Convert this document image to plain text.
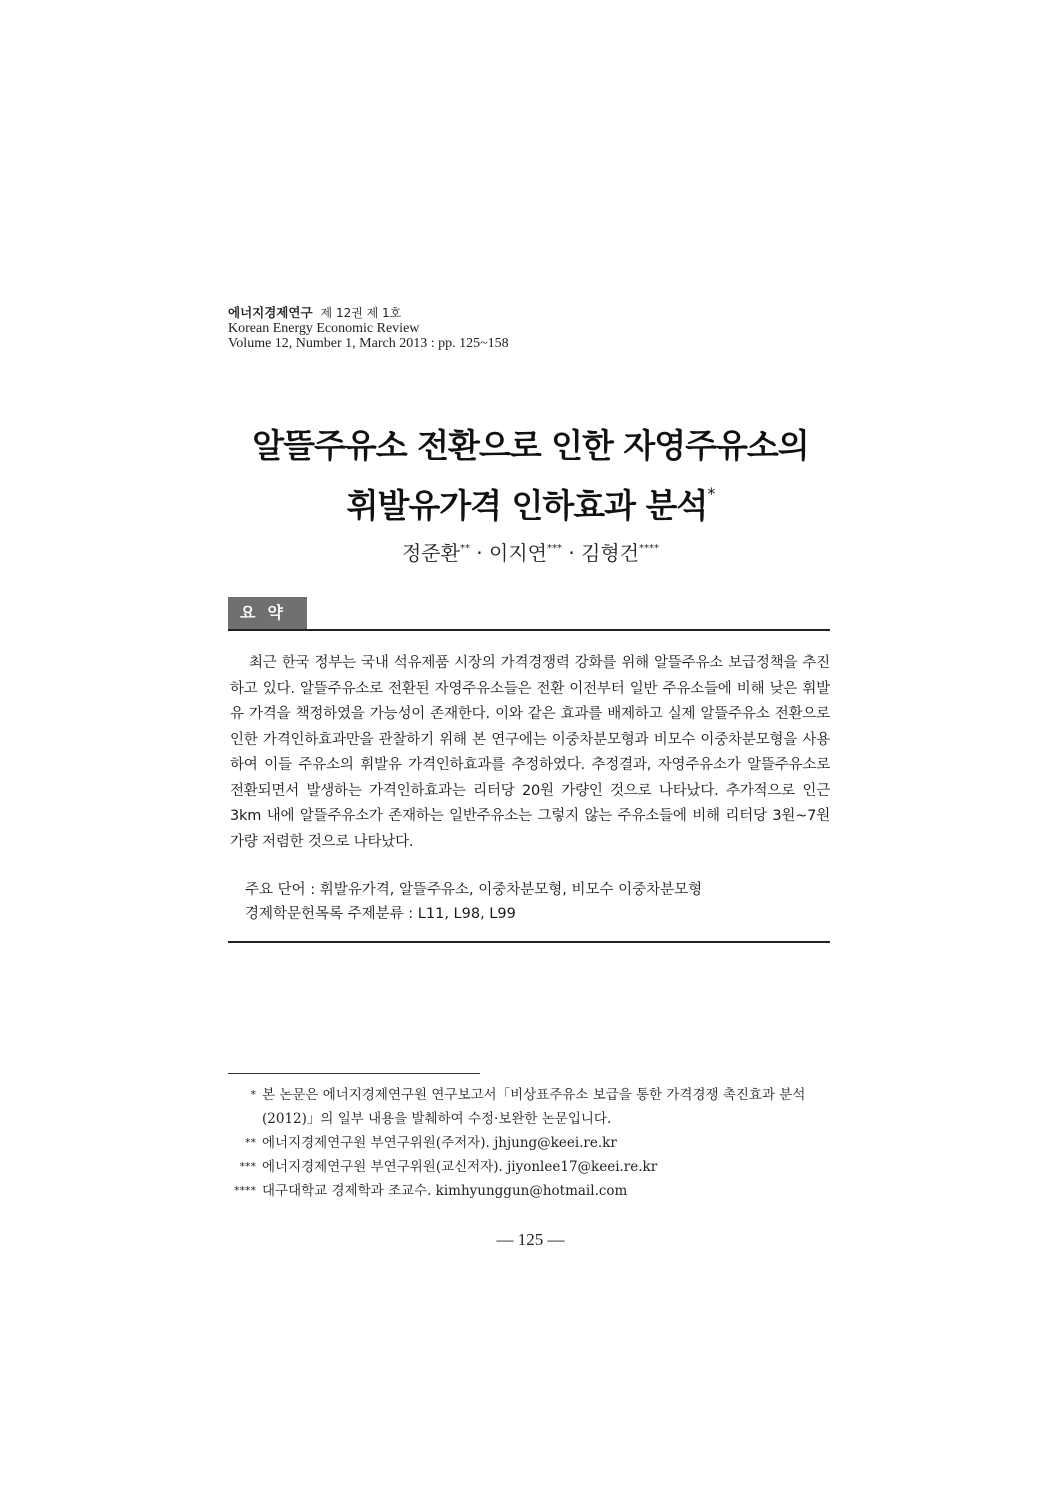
에너지경제연구 제 12권 제 1호
Korean Energy Economic Review
Volume 12, Number 1, March 2013 : pp. 125~158
알뜰주유소 전환으로 인한 자영주유소의
휘발유가격 인하효과 분석*
정준환** · 이지연*** · 김형건****
요약
최근 한국 정부는 국내 석유제품 시장의 가격경쟁력 강화를 위해 알뜰주유소 보급정책을 추진하고 있다. 알뜰주유소로 전환된 자영주유소들은 전환 이전부터 일반 주유소들에 비해 낮은 휘발유 가격을 책정하였을 가능성이 존재한다. 이와 같은 효과를 배제하고 실제 알뜰주유소 전환으로 인한 가격인하효과만을 관찰하기 위해 본 연구에는 이중차분모형과 비모수 이중차분모형을 사용하여 이들 주유소의 휘발유 가격인하효과를 추정하였다. 추정결과, 자영주유소가 알뜰주유소로 전환되면서 발생하는 가격인하효과는 리터당 20원 가량인 것으로 나타났다. 추가적으로 인근 3km 내에 알뜰주유소가 존재하는 일반주유소는 그렇지 않는 주유소들에 비해 리터당 3원~7원 가량 저렴한 것으로 나타났다.
주요 단어 : 휘발유가격, 알뜰주유소, 이중차분모형, 비모수 이중차분모형
경제학문헌목록 주제분류 : L11, L98, L99
* 본 논문은 에너지경제연구원 연구보고서「비상표주유소 보급을 통한 가격경쟁 촉진효과 분석(2012)」의 일부 내용을 발췌하여 수정·보완한 논문입니다.
** 에너지경제연구원 부연구위원(주저자). jhjung@keei.re.kr
*** 에너지경제연구원 부연구위원(교신저자). jiyonlee17@keei.re.kr
**** 대구대학교 경제학과 조교수. kimhyunggun@hotmail.com
— 125 —
